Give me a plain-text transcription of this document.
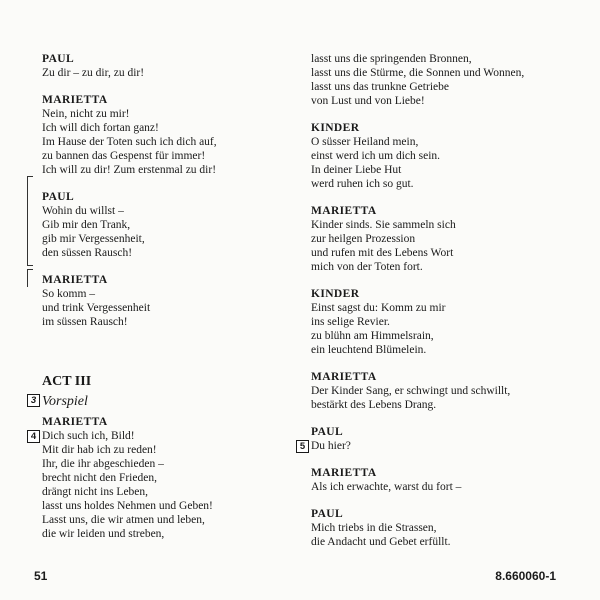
PAUL
Zu dir – zu dir, zu dir!
MARIETTA
Nein, nicht zu mir!
Ich will dich fortan ganz!
Im Hause der Toten such ich dich auf,
zu bannen das Gespenst für immer!
Ich will zu dir! Zum erstenmal zu dir!
PAUL
Wohin du willst –
Gib mir den Trank,
gib mir Vergessenheit,
den süssen Rausch!
MARIETTA
So komm –
und trink Vergessenheit
im süssen Rausch!
ACT III
3 Vorspiel
MARIETTA
4 Dich such ich, Bild!
Mit dir hab ich zu reden!
Ihr, die ihr abgeschieden –
brecht nicht den Frieden,
drängt nicht ins Leben,
lasst uns holdes Nehmen und Geben!
Lasst uns, die wir atmen und leben,
die wir leiden und streben,
lasst uns die springenden Bronnen,
lasst uns die Stürme, die Sonnen und Wonnen,
lasst uns das trunkne Getriebe
von Lust und von Liebe!
KINDER
O süsser Heiland mein,
einst werd ich um dich sein.
In deiner Liebe Hut
werd ruhen ich so gut.
MARIETTA
Kinder sinds. Sie sammeln sich
zur heilgen Prozession
und rufen mit des Lebens Wort
mich von der Toten fort.
KINDER
Einst sagst du: Komm zu mir
ins selige Revier.
zu blühn am Himmelsrain,
ein leuchtend Blümelein.
MARIETTA
Der Kinder Sang, er schwingt und schwillt,
bestärkt des Lebens Drang.
PAUL
5 Du hier?
MARIETTA
Als ich erwachte, warst du fort –
PAUL
Mich triebs in die Strassen,
die Andacht und Gebet erfüllt.
51	8.660060-1
